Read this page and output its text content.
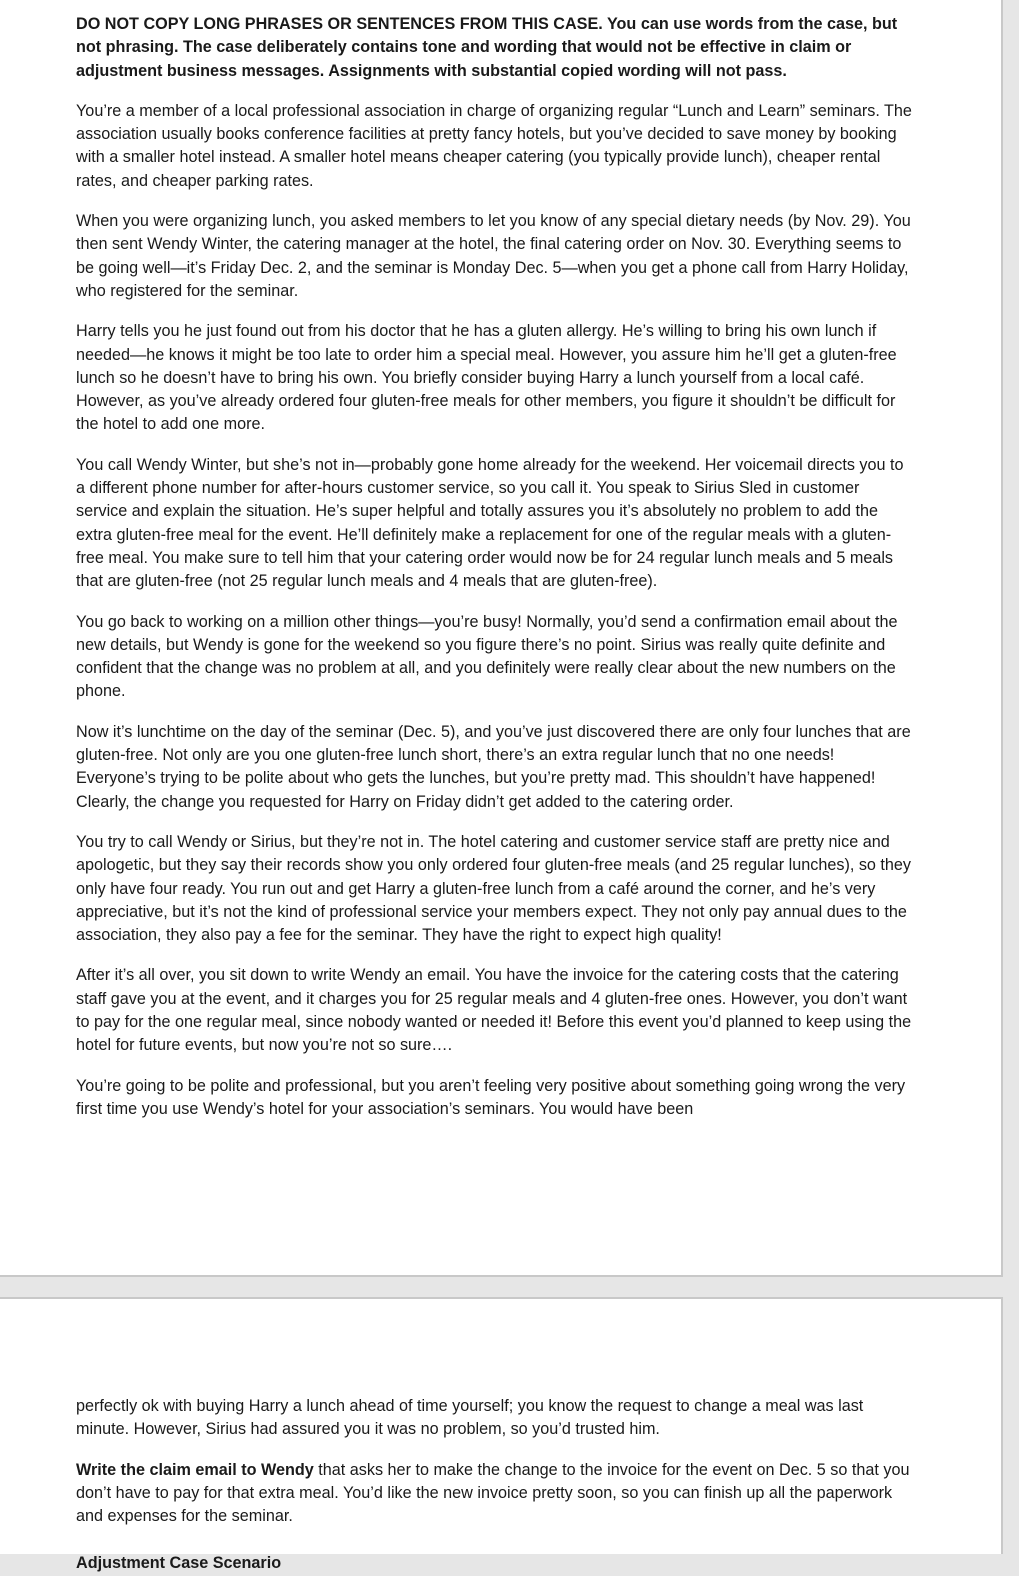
DO NOT COPY LONG PHRASES OR SENTENCES FROM THIS CASE. You can use words from the case, but not phrasing. The case deliberately contains tone and wording that would not be effective in claim or adjustment business messages. Assignments with substantial copied wording will not pass.

You’re a member of a local professional association in charge of organizing regular “Lunch and Learn” seminars. The association usually books conference facilities at pretty fancy hotels, but you’ve decided to save money by booking with a smaller hotel instead. A smaller hotel means cheaper catering (you typically provide lunch), cheaper rental rates, and cheaper parking rates.

When you were organizing lunch, you asked members to let you know of any special dietary needs (by Nov. 29). You then sent Wendy Winter, the catering manager at the hotel, the final catering order on Nov. 30. Everything seems to be going well—it’s Friday Dec. 2, and the seminar is Monday Dec. 5—when you get a phone call from Harry Holiday, who registered for the seminar.

Harry tells you he just found out from his doctor that he has a gluten allergy. He’s willing to bring his own lunch if needed—he knows it might be too late to order him a special meal. However, you assure him he’ll get a gluten-free lunch so he doesn’t have to bring his own. You briefly consider buying Harry a lunch yourself from a local café. However, as you’ve already ordered four gluten-free meals for other members, you figure it shouldn’t be difficult for the hotel to add one more.

You call Wendy Winter, but she’s not in—probably gone home already for the weekend. Her voicemail directs you to a different phone number for after-hours customer service, so you call it. You speak to Sirius Sled in customer service and explain the situation. He’s super helpful and totally assures you it’s absolutely no problem to add the extra gluten-free meal for the event. He’ll definitely make a replacement for one of the regular meals with a gluten-free meal. You make sure to tell him that your catering order would now be for 24 regular lunch meals and 5 meals that are gluten-free (not 25 regular lunch meals and 4 meals that are gluten-free).

You go back to working on a million other things—you’re busy! Normally, you’d send a confirmation email about the new details, but Wendy is gone for the weekend so you figure there’s no point. Sirius was really quite definite and confident that the change was no problem at all, and you definitely were really clear about the new numbers on the phone.

Now it’s lunchtime on the day of the seminar (Dec. 5), and you’ve just discovered there are only four lunches that are gluten-free. Not only are you one gluten-free lunch short, there’s an extra regular lunch that no one needs! Everyone’s trying to be polite about who gets the lunches, but you’re pretty mad. This shouldn’t have happened! Clearly, the change you requested for Harry on Friday didn’t get added to the catering order.

You try to call Wendy or Sirius, but they’re not in. The hotel catering and customer service staff are pretty nice and apologetic, but they say their records show you only ordered four gluten-free meals (and 25 regular lunches), so they only have four ready. You run out and get Harry a gluten-free lunch from a café around the corner, and he’s very appreciative, but it’s not the kind of professional service your members expect. They not only pay annual dues to the association, they also pay a fee for the seminar. They have the right to expect high quality!

After it’s all over, you sit down to write Wendy an email. You have the invoice for the catering costs that the catering staff gave you at the event, and it charges you for 25 regular meals and 4 gluten-free ones. However, you don’t want to pay for the one regular meal, since nobody wanted or needed it! Before this event you’d planned to keep using the hotel for future events, but now you’re not so sure….

You’re going to be polite and professional, but you aren’t feeling very positive about something going wrong the very first time you use Wendy’s hotel for your association’s seminars. You would have been

perfectly ok with buying Harry a lunch ahead of time yourself; you know the request to change a meal was last minute. However, Sirius had assured you it was no problem, so you’d trusted him.

Write the claim email to Wendy that asks her to make the change to the invoice for the event on Dec. 5 so that you don’t have to pay for that extra meal. You’d like the new invoice pretty soon, so you can finish up all the paperwork and expenses for the seminar.

Adjustment Case Scenario
